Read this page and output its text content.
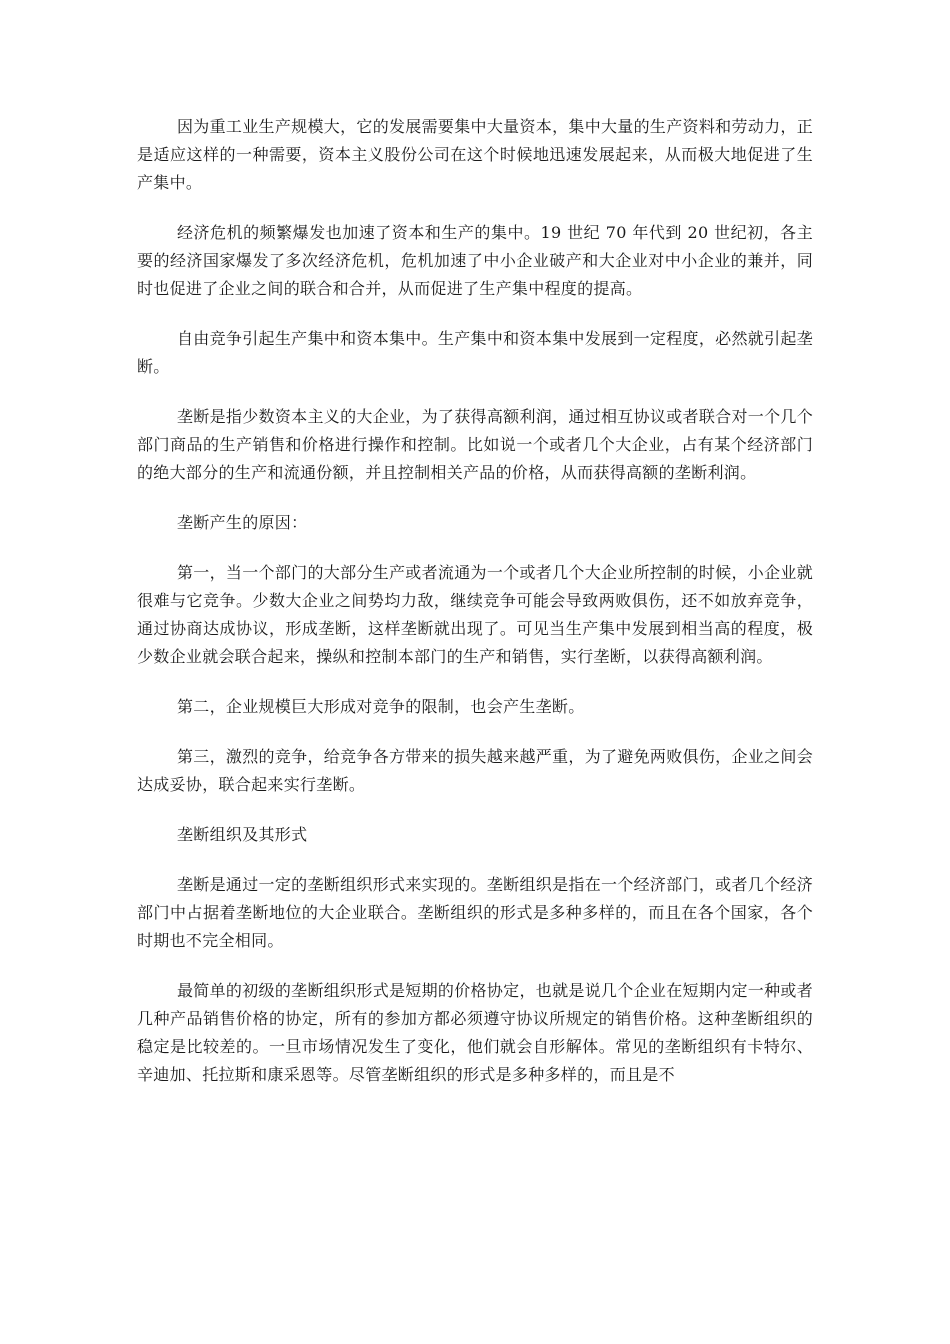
因为重工业生产规模大，它的发展需要集中大量资本，集中大量的生产资料和劳动力，正是适应这样的一种需要，资本主义股份公司在这个时候地迅速发展起来，从而极大地促进了生产集中。

经济危机的频繁爆发也加速了资本和生产的集中。19 世纪 70 年代到 20 世纪初，各主要的经济国家爆发了多次经济危机，危机加速了中小企业破产和大企业对中小企业的兼并，同时也促进了企业之间的联合和合并，从而促进了生产集中程度的提高。

自由竞争引起生产集中和资本集中。生产集中和资本集中发展到一定程度，必然就引起垄断。

垄断是指少数资本主义的大企业，为了获得高额利润，通过相互协议或者联合对一个几个部门商品的生产销售和价格进行操作和控制。比如说一个或者几个大企业，占有某个经济部门的绝大部分的生产和流通份额，并且控制相关产品的价格，从而获得高额的垄断利润。

垄断产生的原因：

第一，当一个部门的大部分生产或者流通为一个或者几个大企业所控制的时候，小企业就很难与它竞争。少数大企业之间势均力敌，继续竞争可能会导致两败俱伤，还不如放弃竞争，通过协商达成协议，形成垄断，这样垄断就出现了。可见当生产集中发展到相当高的程度，极少数企业就会联合起来，操纵和控制本部门的生产和销售，实行垄断，以获得高额利润。

第二，企业规模巨大形成对竞争的限制，也会产生垄断。

第三，激烈的竞争，给竞争各方带来的损失越来越严重，为了避免两败俱伤，企业之间会达成妥协，联合起来实行垄断。

垄断组织及其形式

垄断是通过一定的垄断组织形式来实现的。垄断组织是指在一个经济部门，或者几个经济部门中占据着垄断地位的大企业联合。垄断组织的形式是多种多样的，而且在各个国家，各个时期也不完全相同。

最简单的初级的垄断组织形式是短期的价格协定，也就是说几个企业在短期内定一种或者几种产品销售价格的协定，所有的参加方都必须遵守协议所规定的销售价格。这种垄断组织的稳定是比较差的。一旦市场情况发生了变化，他们就会自形解体。常见的垄断组织有卡特尔、辛迪加、托拉斯和康采恩等。尽管垄断组织的形式是多种多样的，而且是不
